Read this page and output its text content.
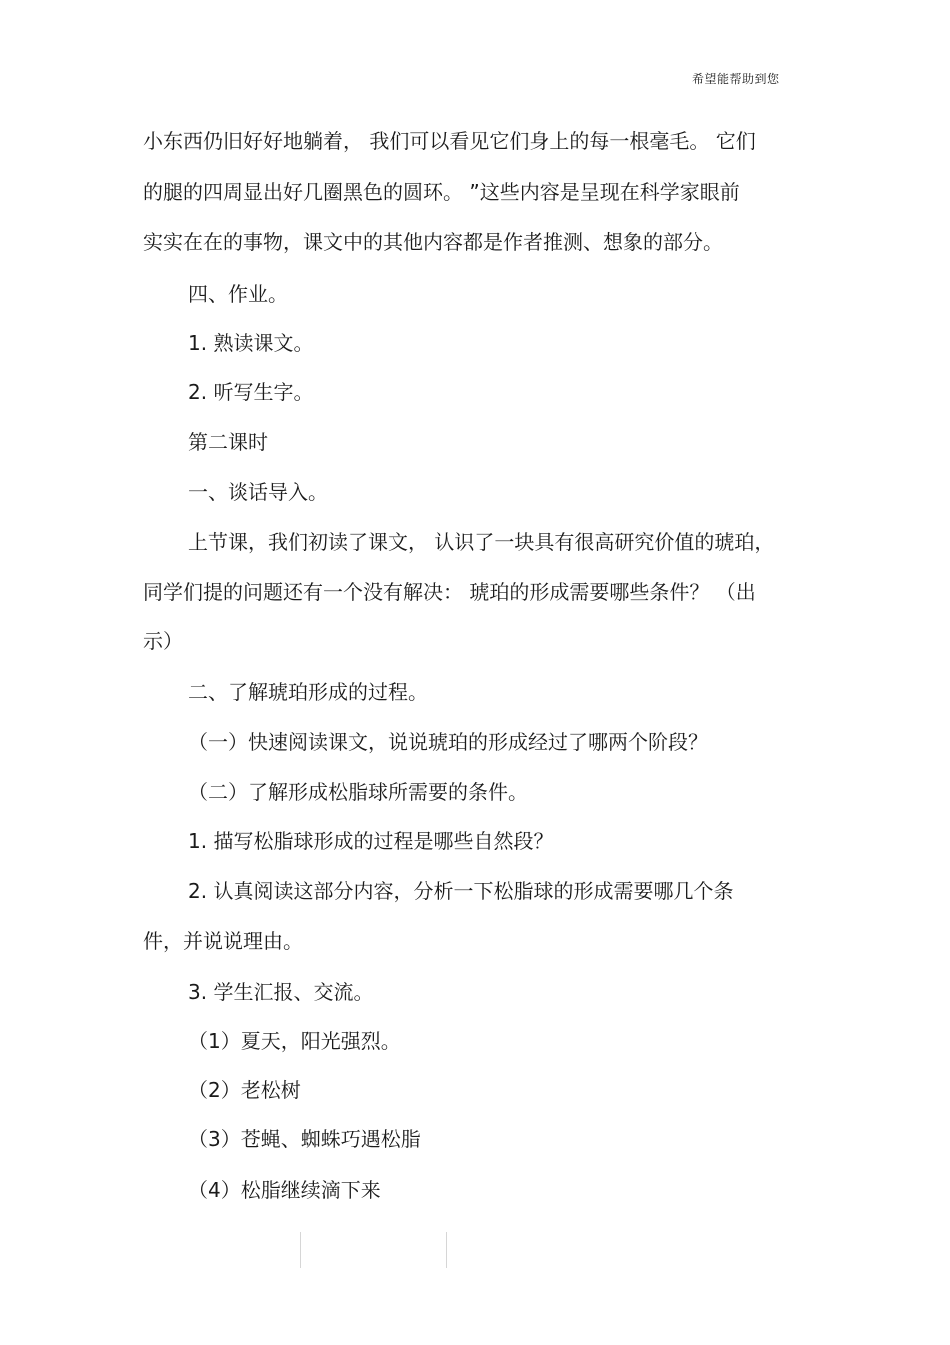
希望能帮助到您
小东西仍旧好好地躺着， 我们可以看见它们身上的每一根毫毛。 它们
的腿的四周显出好几圈黑色的圆环。 ”这些内容是呈现在科学家眼前
实实在在的事物，课文中的其他内容都是作者推测、想象的部分。
四、作业。
1. 熟读课文。
2. 听写生字。
第二课时
一、谈话导入。
上节课，我们初读了课文， 认识了一块具有很高研究价值的琥珀，
同学们提的问题还有一个没有解决： 琥珀的形成需要哪些条件？ （出
示）
二、了解琥珀形成的过程。
（一）快速阅读课文，说说琥珀的形成经过了哪两个阶段？
（二）了解形成松脂球所需要的条件。
1. 描写松脂球形成的过程是哪些自然段？
2. 认真阅读这部分内容，分析一下松脂球的形成需要哪几个条
件，并说说理由。
3. 学生汇报、交流。
（1）夏天，阳光强烈。
（2）老松树
（3）苍蝇、蜘蛛巧遇松脂
（4）松脂继续滴下来
